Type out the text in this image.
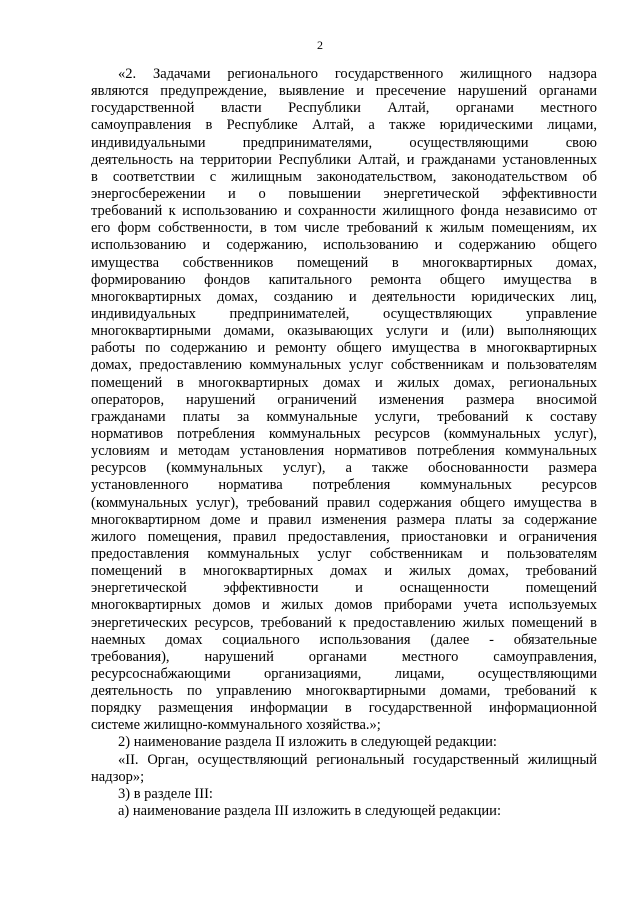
2
«2. Задачами регионального государственного жилищного надзора
являются предупреждение, выявление и пресечение нарушений органами
государственной власти Республики Алтай, органами местного
самоуправления в Республике Алтай, а также юридическими лицами,
индивидуальными предпринимателями, осуществляющими свою
деятельность на территории Республики Алтай, и гражданами установленных
в соответствии с жилищным законодательством, законодательством об
энергосбережении и о повышении энергетической эффективности
требований к использованию и сохранности жилищного фонда независимо от
его форм собственности, в том числе требований к жилым помещениям, их
использованию и содержанию, использованию и содержанию общего
имущества собственников помещений в многоквартирных домах,
формированию фондов капитального ремонта общего имущества в
многоквартирных домах, созданию и деятельности юридических лиц,
индивидуальных предпринимателей, осуществляющих управление
многоквартирными домами, оказывающих услуги и (или) выполняющих
работы по содержанию и ремонту общего имущества в многоквартирных
домах, предоставлению коммунальных услуг собственникам и пользователям
помещений в многоквартирных домах и жилых домах, региональных
операторов, нарушений ограничений изменения размера вносимой
гражданами платы за коммунальные услуги, требований к составу
нормативов потребления коммунальных ресурсов (коммунальных услуг),
условиям и методам установления нормативов потребления коммунальных
ресурсов (коммунальных услуг), а также обоснованности размера
установленного норматива потребления коммунальных ресурсов
(коммунальных услуг), требований правил содержания общего имущества в
многоквартирном доме и правил изменения размера платы за содержание
жилого помещения, правил предоставления, приостановки и ограничения
предоставления коммунальных услуг собственникам и пользователям
помещений в многоквартирных домах и жилых домах, требований
энергетической эффективности и оснащенности помещений
многоквартирных домов и жилых домов приборами учета используемых
энергетических ресурсов, требований к предоставлению жилых помещений в
наемных домах социального использования (далее - обязательные
требования), нарушений органами местного самоуправления,
ресурсоснабжающими организациями, лицами, осуществляющими
деятельность по управлению многоквартирными домами, требований к
порядку размещения информации в государственной информационной
системе жилищно-коммунального хозяйства.»;
2) наименование раздела II изложить в следующей редакции:
«II. Орган, осуществляющий региональный государственный жилищный
надзор»;
3) в разделе III:
а) наименование раздела III изложить в следующей редакции:
